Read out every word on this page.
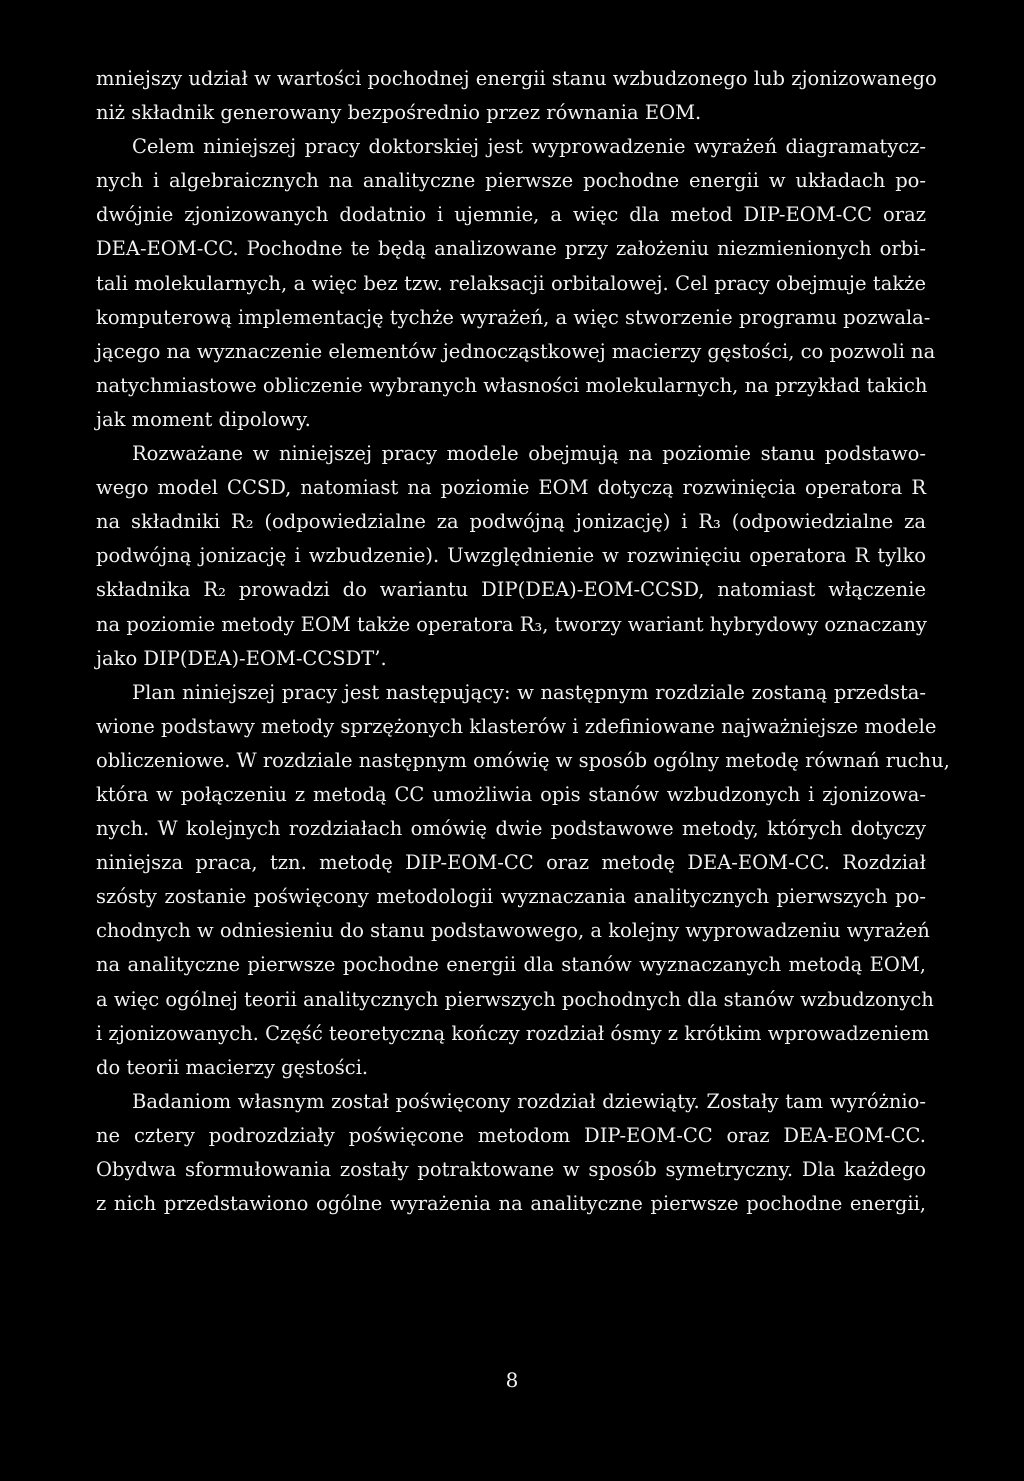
mniejszy udział w wartości pochodnej energii stanu wzbudzonego lub zjonizowanego
niż składnik generowany bezpośrednio przez równania EOM.
Celem niniejszej pracy doktorskiej jest wyprowadzenie wyrażeń diagramatycz-
nych i algebraicznych na analityczne pierwsze pochodne energii w układach po-
dwójnie zjonizowanych dodatnio i ujemnie, a więc dla metod DIP-EOM-CC oraz
DEA-EOM-CC. Pochodne te będą analizowane przy założeniu niezmienionych orbi-
tali molekularnych, a więc bez tzw. relaksacji orbitalowej. Cel pracy obejmuje także
komputerową implementację tychże wyrażeń, a więc stworzenie programu pozwala-
jącego na wyznaczenie elementów jednocząstkowej macierzy gęstości, co pozwoli na
natychmiastowe obliczenie wybranych własności molekularnych, na przykład takich
jak moment dipolowy.
Rozważane w niniejszej pracy modele obejmują na poziomie stanu podstawo-
wego model CCSD, natomiast na poziomie EOM dotyczą rozwinięcia operatora R
na składniki R₂ (odpowiedzialne za podwójną jonizację) i R₃ (odpowiedzialne za
podwójną jonizację i wzbudzenie). Uwzględnienie w rozwinięciu operatora R tylko
składnika R₂ prowadzi do wariantu DIP(DEA)-EOM-CCSD, natomiast włączenie
na poziomie metody EOM także operatora R₃, tworzy wariant hybrydowy oznaczany
jako DIP(DEA)-EOM-CCSDT’.
Plan niniejszej pracy jest następujący: w następnym rozdziale zostaną przedsta-
wione podstawy metody sprzężonych klasterów i zdefiniowane najważniejsze modele
obliczeniowe. W rozdziale następnym omówię w sposób ogólny metodę równań ruchu,
która w połączeniu z metodą CC umożliwia opis stanów wzbudzonych i zjonizowa-
nych. W kolejnych rozdziałach omówię dwie podstawowe metody, których dotyczy
niniejsza praca, tzn. metodę DIP-EOM-CC oraz metodę DEA-EOM-CC. Rozdział
szósty zostanie poświęcony metodologii wyznaczania analitycznych pierwszych po-
chodnych w odniesieniu do stanu podstawowego, a kolejny wyprowadzeniu wyrażeń
na analityczne pierwsze pochodne energii dla stanów wyznaczanych metodą EOM,
a więc ogólnej teorii analitycznych pierwszych pochodnych dla stanów wzbudzonych
i zjonizowanych. Część teoretyczną kończy rozdział ósmy z krótkim wprowadzeniem
do teorii macierzy gęstości.
Badaniom własnym został poświęcony rozdział dziewiąty. Zostały tam wyróżnio-
ne cztery podrozdziały poświęcone metodom DIP-EOM-CC oraz DEA-EOM-CC.
Obydwa sformułowania zostały potraktowane w sposób symetryczny. Dla każdego
z nich przedstawiono ogólne wyrażenia na analityczne pierwsze pochodne energii,
8
